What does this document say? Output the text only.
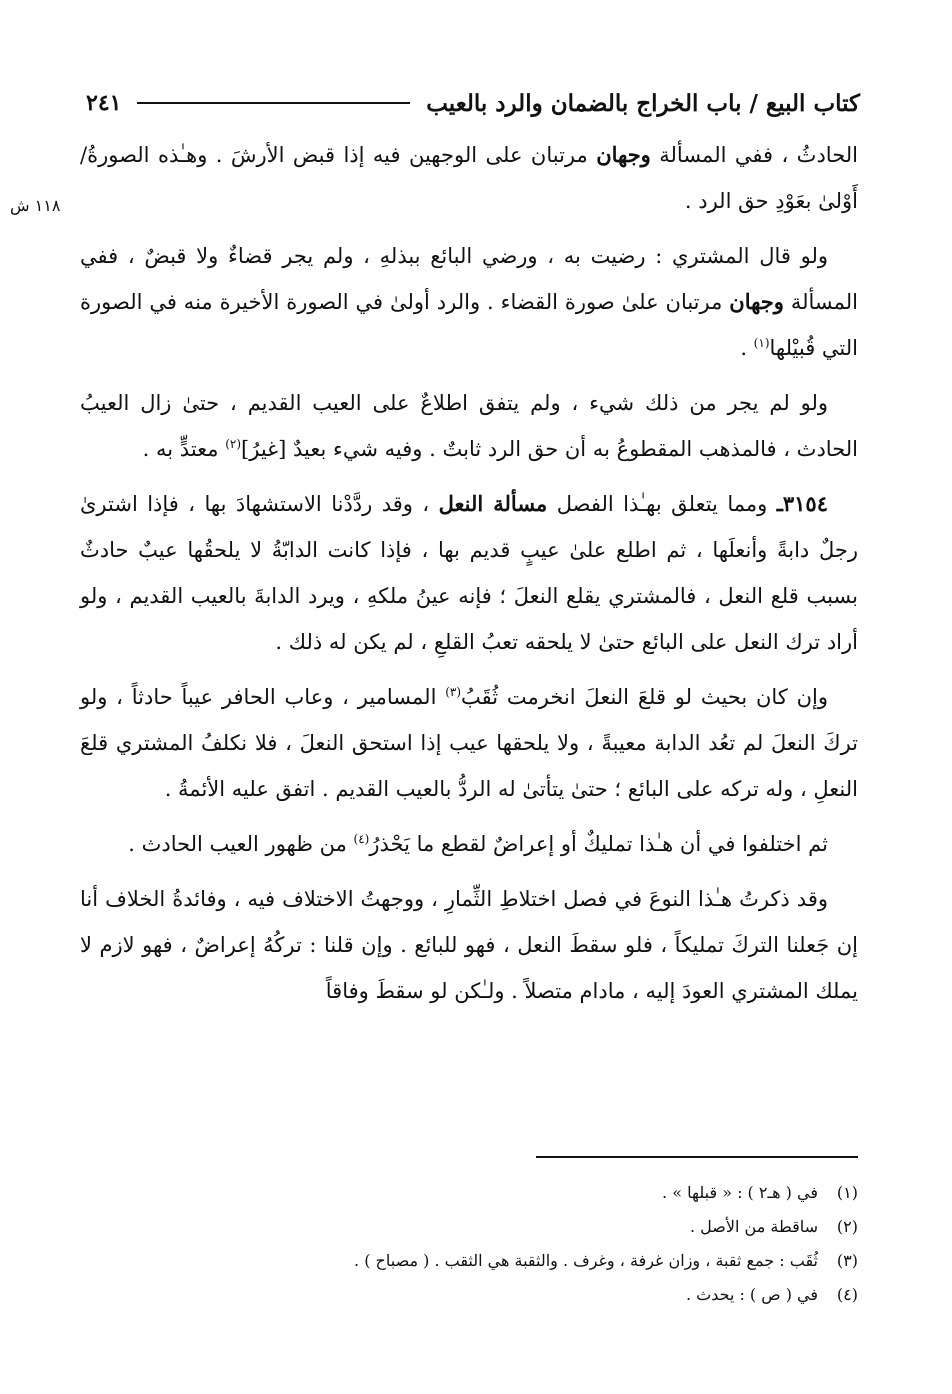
كتاب البيع / باب الخراج بالضمان والرد بالعيب
٢٤١
١١٨ ش

الحادثُ ، ففي المسألة وجهان مرتبان على الوجهين فيه إذا قبض الأرشَ . وهـٰذه الصورةُ/ أَوْلىٰ بعَوْدِ حق الرد .

ولو قال المشتري : رضيت به ، ورضي البائع ببذلهِ ، ولم يجر قضاءٌ ولا قبضٌ ، ففي المسألة وجهان مرتبان علىٰ صورة القضاء . والرد أولىٰ في الصورة الأخيرة منه في الصورة التي قُبيْلها$^{(١)}$ .

ولو لم يجر من ذلك شيء ، ولم يتفق اطلاعٌ على العيب القديم ، حتىٰ زال العيبُ الحادث ، فالمذهب المقطوعُ به أن حق الرد ثابتٌ . وفيه شيء بعيدٌ [غيرُ]$^{(٢)}$ معتدٍّ به .

٣١٥٤ـ ومما يتعلق بهـٰذا الفصل مسألة النعل ، وقد ردَّدْنا الاستشهادَ بها ، فإذا اشترىٰ رجلٌ دابةً وأنعلَها ، ثم اطلع علىٰ عيبٍ قديم بها ، فإذا كانت الدابّةُ لا يلحقُها عيبٌ حادثٌ بسبب قلع النعل ، فالمشتري يقلع النعلَ ؛ فإنه عينُ ملكهِ ، ويرد الدابةَ بالعيب القديم ، ولو أراد ترك النعل على البائع حتىٰ لا يلحقه تعبُ القلعِ ، لم يكن له ذلك .

وإن كان بحيث لو قلعَ النعلَ انخرمت ثُقَبُ$^{(٣)}$ المسامير ، وعاب الحافر عيباً حادثاً ، ولو تركَ النعلَ لم تعُد الدابة معيبةً ، ولا يلحقها عيب إذا استحق النعلَ ، فلا نكلفُ المشتري قلعَ النعلِ ، وله تركه على البائع ؛ حتىٰ يتأتىٰ له الردُّ بالعيب القديم . اتفق عليه الأئمةُ .

ثم اختلفوا في أن هـٰذا تمليكٌ أو إعراضٌ لقطع ما يَحْذرُ$^{(٤)}$ من ظهور العيب الحادث .

وقد ذكرتُ هـٰذا النوعَ في فصل اختلاطِ الثِّمارِ ، ووجهتُ الاختلاف فيه ، وفائدةُ الخلاف أنا إن جَعلنا التركَ تمليكاً ، فلو سقطَ النعل ، فهو للبائع . وإن قلنا : تركُهُ إعراضٌ ، فهو لازم لا يملك المشتري العودَ إليه ، مادام متصلاً . ولـٰكن لو سقطَ وفاقاً

(١)
في ( هـ٢ ) : « قبلها » .
(٢)
ساقطة من الأصل .
(٣)
ثُقَب : جمع ثقبة ، وزان غرفة ، وغرف . والثقبة هي الثقب . ( مصباح ) .
(٤)
في ( ص ) : يحدث .
